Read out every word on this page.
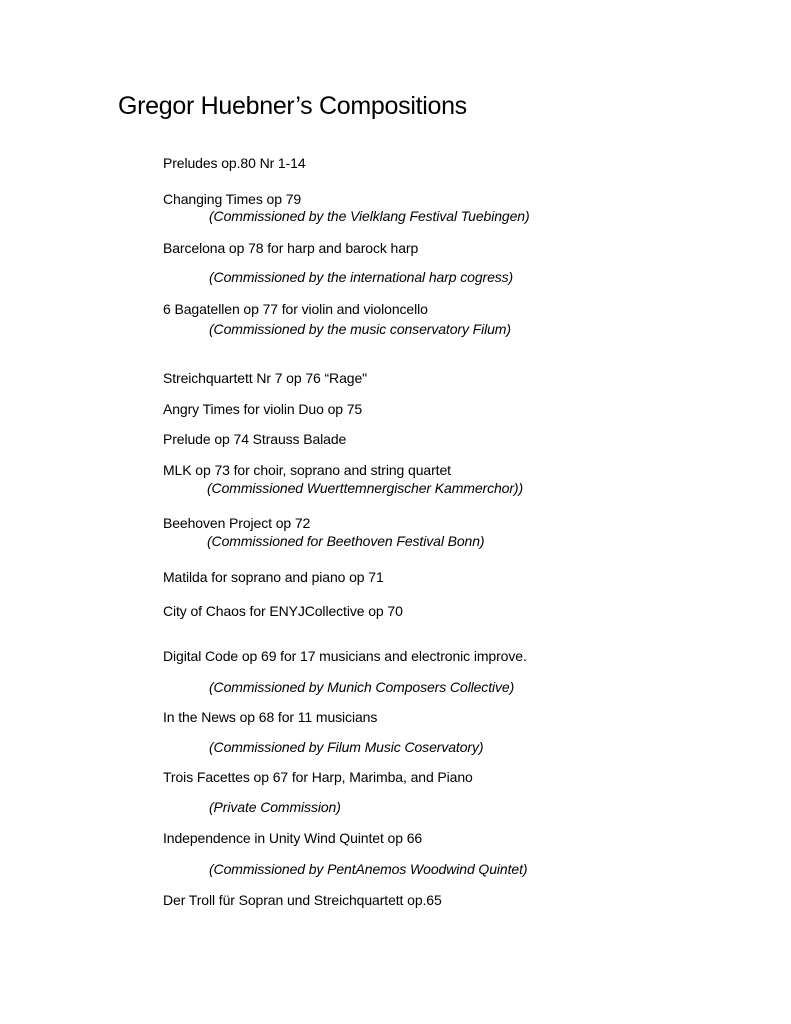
Gregor Huebner’s Compositions
Preludes op.80 Nr 1-14
Changing Times op 79
(Commissioned by the Vielklang Festival Tuebingen)
Barcelona op 78 for harp and barock harp
(Commissioned by the international harp cogress)
6 Bagatellen op 77 for violin and violoncello
(Commissioned by the music conservatory Filum)
Streichquartett Nr 7 op 76 “Rage"
Angry Times for violin Duo op 75
Prelude op 74 Strauss Balade
MLK op 73 for choir, soprano and string quartet
(Commissioned Wuerttemnergischer Kammerchor))
Beehoven Project op 72
(Commissioned for Beethoven Festival Bonn)
Matilda for soprano and piano op 71
City of Chaos for ENYJCollective op 70
Digital Code op 69 for 17 musicians and electronic improve.
(Commissioned by Munich Composers Collective)
In the News op 68 for 11 musicians
(Commissioned by Filum Music Coservatory)
Trois Facettes op 67 for Harp, Marimba, and Piano
(Private Commission)
Independence in Unity Wind Quintet op 66
(Commissioned by PentAnemos Woodwind Quintet)
Der Troll für Sopran und Streichquartett op.65
